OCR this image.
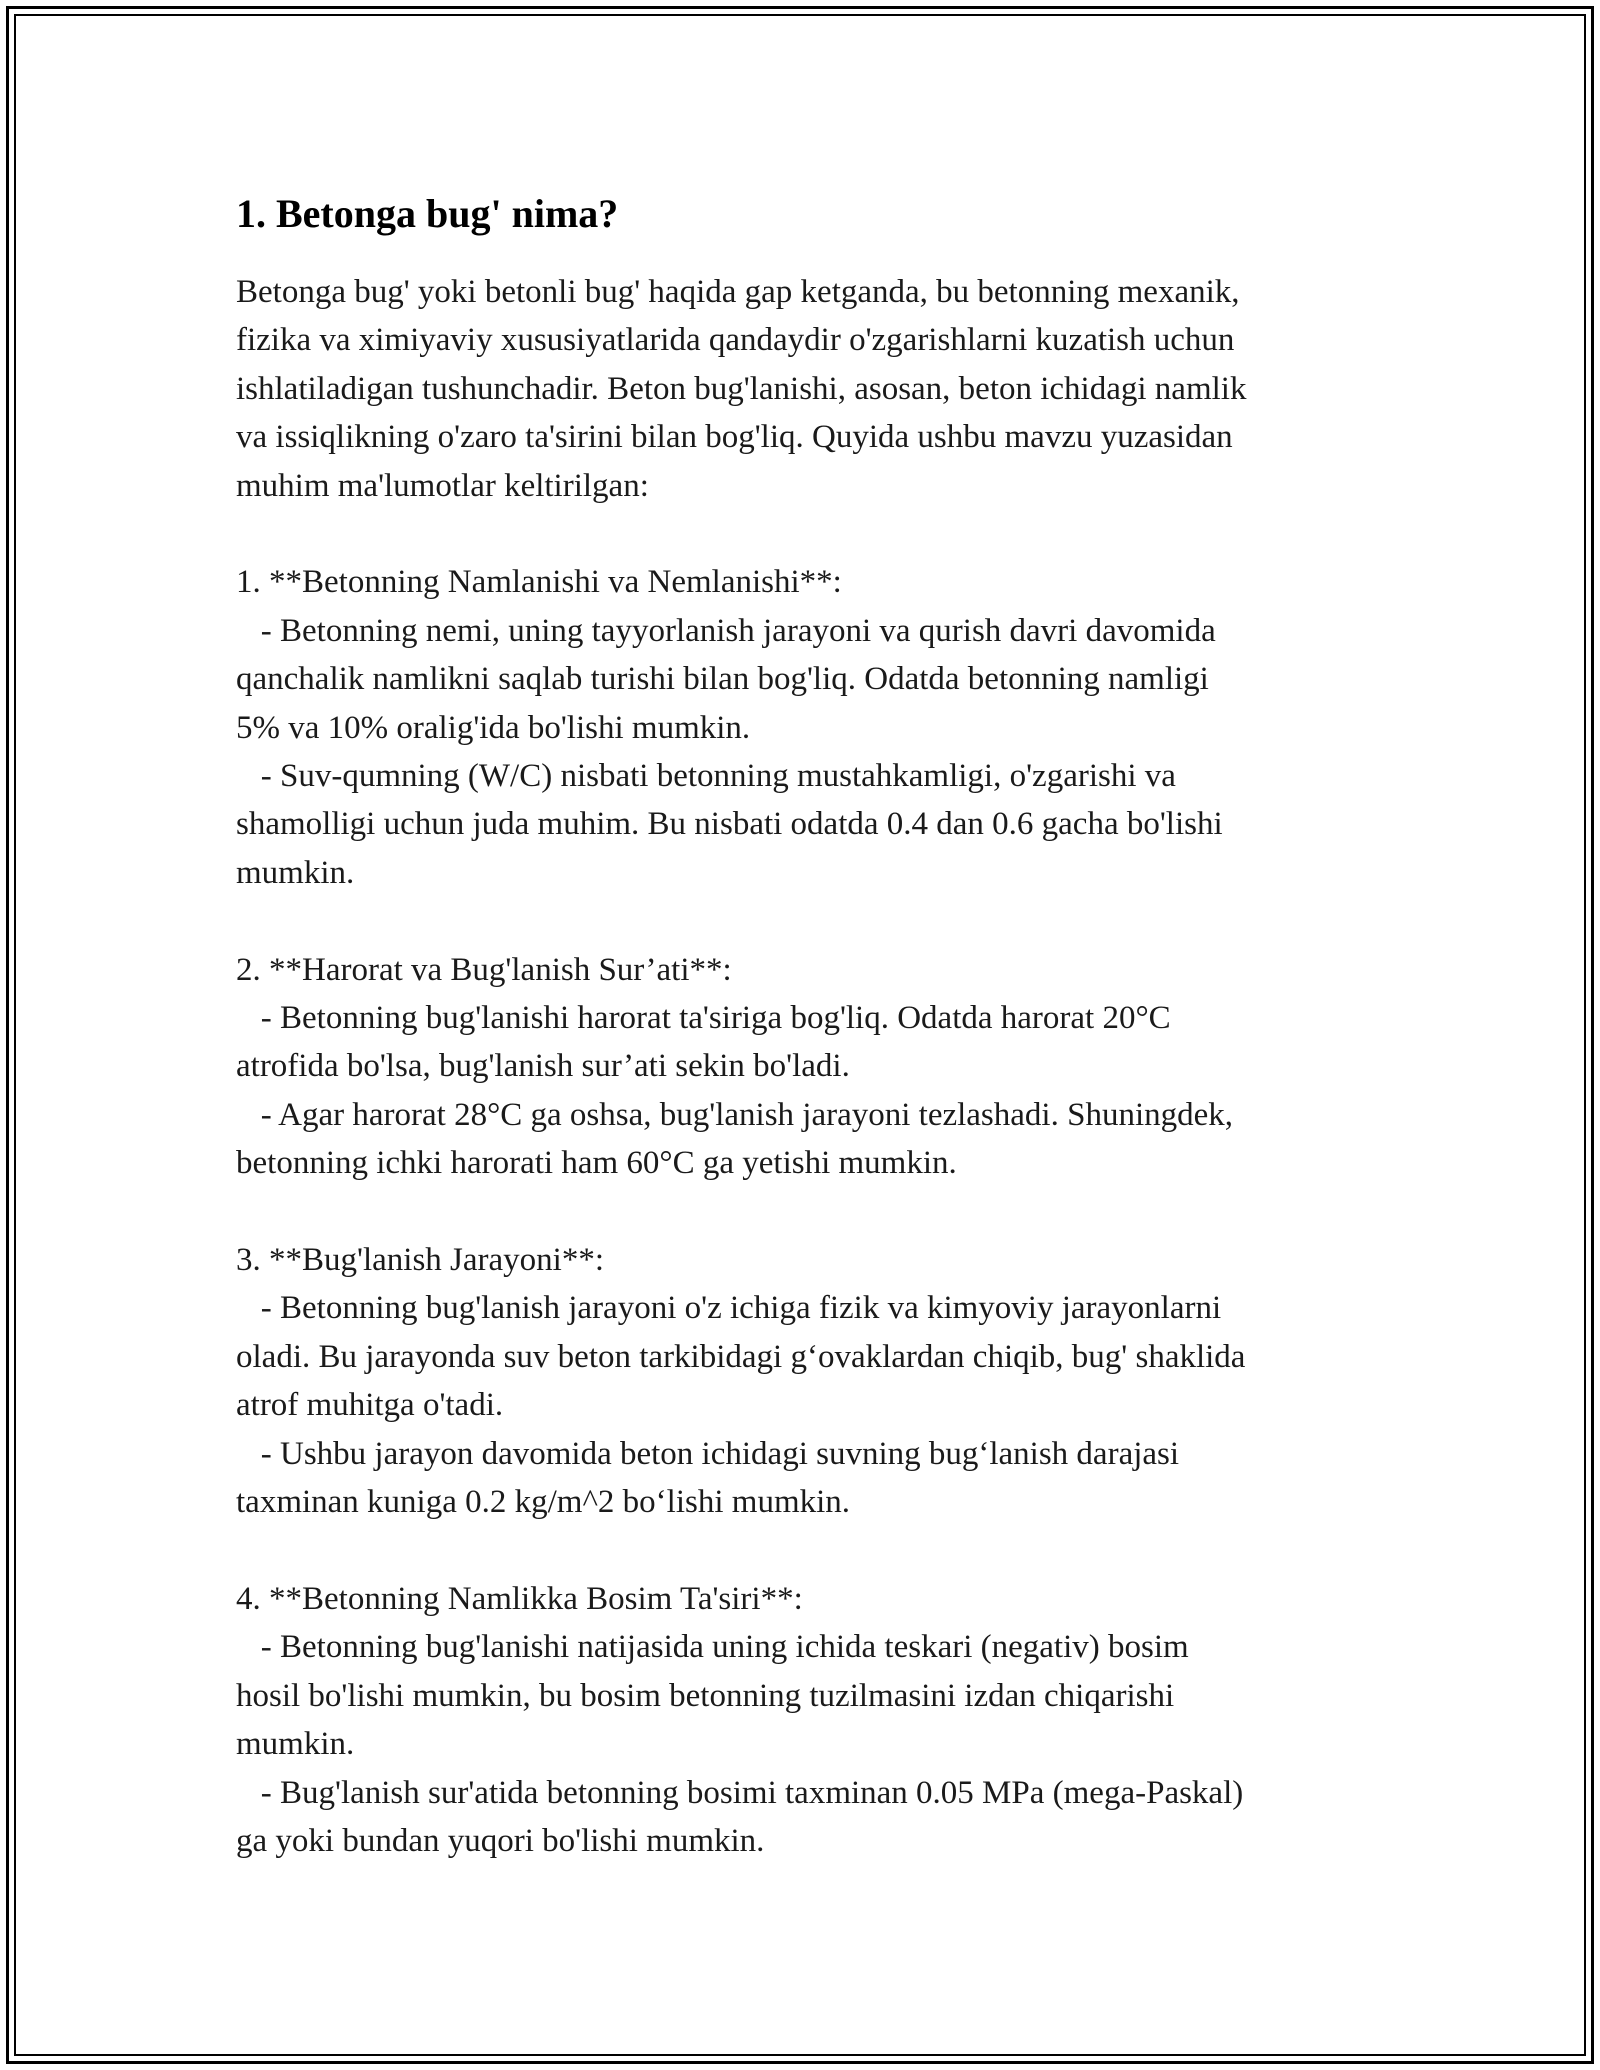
1. Betonga bug' nima?
Betonga bug' yoki betonli bug' haqida gap ketganda, bu betonning mexanik,
fizika va ximiyaviy xususiyatlarida qandaydir o'zgarishlarni kuzatish uchun
ishlatiladigan tushunchadir. Beton bug'lanishi, asosan, beton ichidagi namlik
va issiqlikning o'zaro ta'sirini bilan bog'liq. Quyida ushbu mavzu yuzasidan
muhim ma'lumotlar keltirilgan:
1. **Betonning Namlanishi va Nemlanishi**:
- Betonning nemi, uning tayyorlanish jarayoni va qurish davri davomida
qanchalik namlikni saqlab turishi bilan bog'liq. Odatda betonning namligi
5% va 10% oralig'ida bo'lishi mumkin.
- Suv-qumning (W/C) nisbati betonning mustahkamligi, o'zgarishi va
shamolligi uchun juda muhim. Bu nisbati odatda 0.4 dan 0.6 gacha bo'lishi
mumkin.
2. **Harorat va Bug'lanish Sur’ati**:
- Betonning bug'lanishi harorat ta'siriga bog'liq. Odatda harorat 20°C
atrofida bo'lsa, bug'lanish sur’ati sekin bo'ladi.
- Agar harorat 28°C ga oshsa, bug'lanish jarayoni tezlashadi. Shuningdek,
betonning ichki harorati ham 60°C ga yetishi mumkin.
3. **Bug'lanish Jarayoni**:
- Betonning bug'lanish jarayoni o'z ichiga fizik va kimyoviy jarayonlarni
oladi. Bu jarayonda suv beton tarkibidagi g‘ovaklardan chiqib, bug' shaklida
atrof muhitga o'tadi.
- Ushbu jarayon davomida beton ichidagi suvning bug‘lanish darajasi
taxminan kuniga 0.2 kg/m^2 bo‘lishi mumkin.
4. **Betonning Namlikka Bosim Ta'siri**:
- Betonning bug'lanishi natijasida uning ichida teskari (negativ) bosim
hosil bo'lishi mumkin, bu bosim betonning tuzilmasini izdan chiqarishi
mumkin.
- Bug'lanish sur'atida betonning bosimi taxminan 0.05 MPa (mega-Paskal)
ga yoki bundan yuqori bo'lishi mumkin.
